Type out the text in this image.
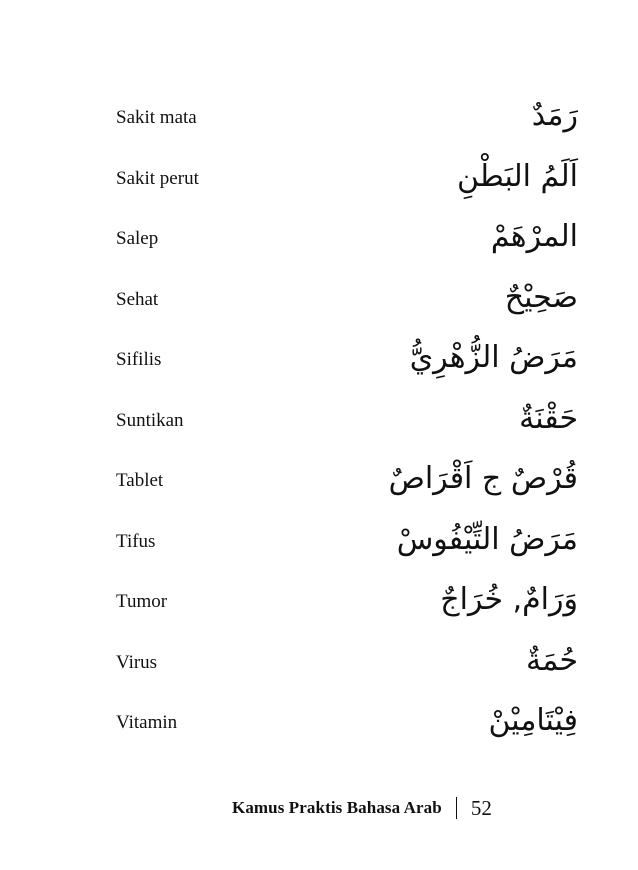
Sakit mata	رَمَدٌ
Sakit perut	اَلَمُ البَطْنِ
Salep	المرْهَمْ
Sehat	صَحِيْحٌ
Sifilis	مَرَضُ الزُّهْرِيُّ
Suntikan	حَقْنَةٌ
Tablet	قُرْصٌ ج اَقْرَاصٌ
Tifus	مَرَضُ التِّيْفُوسْ
Tumor	وَرَامٌ, خُرَاجٌ
Virus	حُمَةٌ
Vitamin	فِيْتَامِيْنْ
Kamus Praktis Bahasa Arab 52
